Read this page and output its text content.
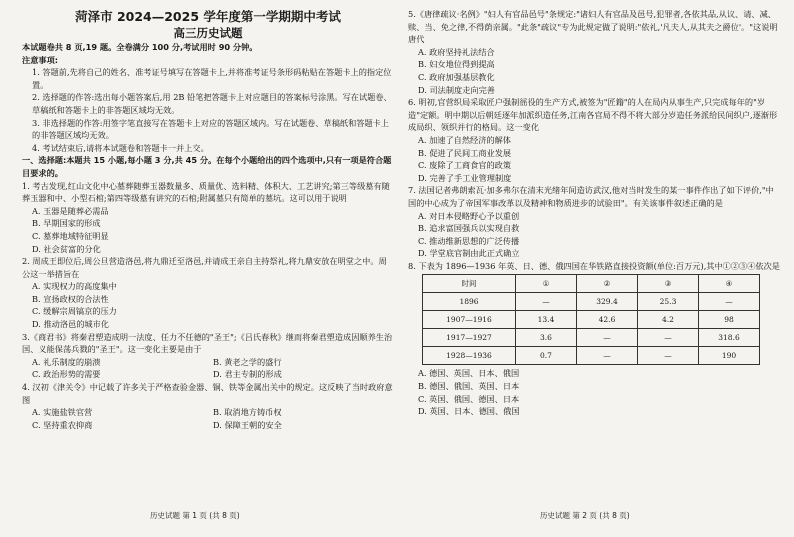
菏泽市 2024—2025 学年度第一学期期中考试
高三历史试题

本试题卷共 8 页,19 题。全卷满分 100 分,考试用时 90 分钟。

注意事项:

1. 答题前,先将自己的姓名、准考证号填写在答题卡上,并将准考证号条形码粘贴在答题卡上的指定位置。

2. 选择题的作答:选出每小题答案后,用 2B 铅笔把答题卡上对应题目的答案标号涂黑。写在试题卷、草稿纸和答题卡上的非答题区域均无效。

3. 非选择题的作答:用签字笔直接写在答题卡上对应的答题区域内。写在试题卷、草稿纸和答题卡上的非答题区域均无效。

4. 考试结束后,请将本试题卷和答题卡一并上交。

一、选择题:本题共 15 小题,每小题 3 分,共 45 分。在每个小题给出的四个选项中,只有一项是符合题目要求的。

1. 考古发现,红山文化中心墓葬随葬玉器数量多、质量优、选料精、体积大、工艺讲究;第三等级墓有随葬玉器和中、小型石棺;第四等级墓有讲究的石棺;附属墓只有简单的墓坑。这可以用于说明

A. 玉器是随葬必需品

B. 早期国家的形成

C. 墓葬地域特征明显

D. 社会贫富的分化

2. 周成王即位后,周公旦营造洛邑,将九鼎迁至洛邑,并请成王亲自主持祭礼,将九鼎安放在明堂之中。周公这一举措旨在

A. 实现权力的高度集中

B. 宣扬政权的合法性

C. 缓解宗周镐京的压力

D. 推动洛邑的城市化

3.《商君书》将秦君塑造成明一法度、任力不任德的"圣王";《吕氏春秋》继而将秦君塑造成因顺养生治国、义能保荡兵戮的"圣王"。这一变化主要是由于

A. 礼乐制度的崩溃	B. 黄老之学的盛行

C. 政治形势的需要	D. 君主专制的形成

4. 汉初《津关令》中记载了许多关于严格查验金器、铜、铁等金属出关中的规定。这反映了当时政府意图

A. 实施盐铁官营	B. 取消地方铸币权

C. 坚持重农抑商	D. 保障王朝的安全

历史试题 第 1 页 (共 8 页)

5.《唐律疏议·名例》"妇人有官品邑号"条规定:"诸妇人有官品及邑号,犯罪者,各依其品,从议、请、减、赎、当、免之律,不得荫亲属。"此条"疏议"专为此规定做了说明:"依礼,'凡夫人,从其夫之爵位'。"这说明唐代

A. 政府坚持礼法结合

B. 妇女地位得到提高

C. 政府加强基层教化

D. 司法制度走向完善

6. 明初,官营织局采取匠户强制徭役的生产方式,被签为"匠籍"的人在局内从事生产,只完成每年的"岁造"定额。明中期以后朝廷逐年加派织造任务,江南各官局不得不将大部分岁造任务派给民间织户,逐渐形成局织、领织并行的格局。这一变化

A. 加速了自然经济的解体

B. 促进了民间工商业发展

C. 废除了工商食官的政策

D. 完善了手工业管理制度

7. 法国记者弗朗索瓦·加多弗尔在清末光绪年间造访武汉,他对当时发生的某一事件作出了如下评价,"中国的中心成为了帝国军事改革以及精神和物质进步的试验田"。有关该事件叙述正确的是

A. 对日本侵略野心予以重创

B. 追求富国强兵以实现自救

C. 推动维新思想的广泛传播

D. 学堂底官制由此正式确立

8. 下表为 1896—1936 年英、日、德、俄四国在华铁路直接投资额(单位:百万元),其中①②③④依次是

时间	①	②	③	④
1896	—	329.4	25.3	—
1907—1916	13.4	42.6	4.2	98
1917—1927	3.6	—	—	318.6
1928—1936	0.7	—	—	190

A. 德国、英国、日本、俄国

B. 德国、俄国、英国、日本

C. 英国、俄国、德国、日本

D. 英国、日本、德国、俄国

历史试题 第 2 页 (共 8 页)
